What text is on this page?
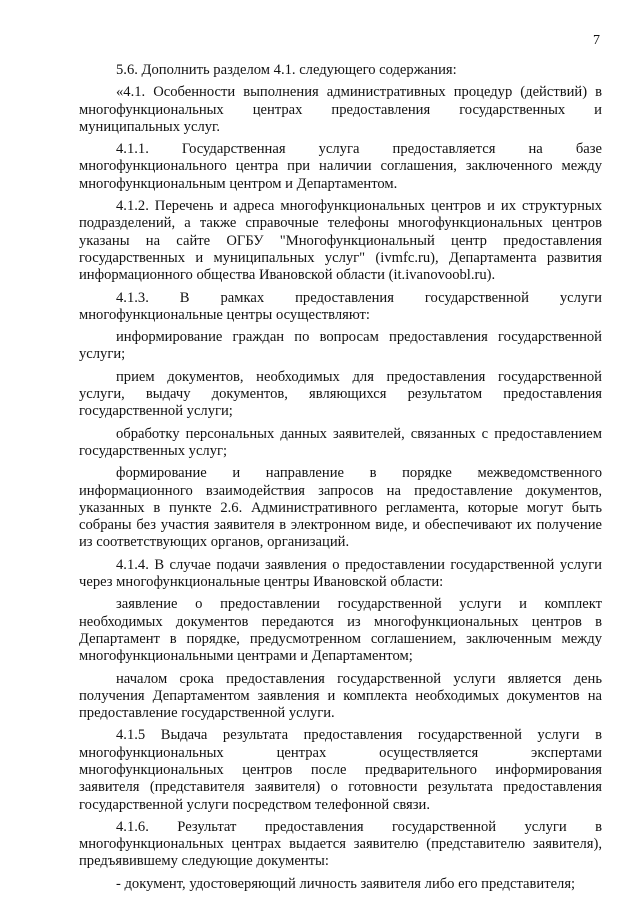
7

5.6. Дополнить разделом 4.1. следующего содержания:

«4.1. Особенности выполнения административных процедур (действий) в многофункциональных центрах предоставления государственных и муниципальных услуг.

4.1.1. Государственная услуга предоставляется на базе многофункционального центра при наличии соглашения, заключенного между многофункциональным центром и Департаментом.

4.1.2. Перечень и адреса многофункциональных центров и их структурных подразделений, а также справочные телефоны многофункциональных центров указаны на сайте ОГБУ "Многофункциональный центр предоставления государственных и муниципальных услуг" (ivmfc.ru), Департамента развития информационного общества Ивановской области (it.ivanovoobl.ru).

4.1.3. В рамках предоставления государственной услуги многофункциональные центры осуществляют:

информирование граждан по вопросам предоставления государственной услуги;

прием документов, необходимых для предоставления государственной услуги, выдачу документов, являющихся результатом предоставления государственной услуги;

обработку персональных данных заявителей, связанных с предоставлением государственных услуг;

формирование и направление в порядке межведомственного информационного взаимодействия запросов на предоставление документов, указанных в пункте 2.6. Административного регламента, которые могут быть собраны без участия заявителя в электронном виде, и обеспечивают их получение из соответствующих органов, организаций.

4.1.4. В случае подачи заявления о предоставлении государственной услуги через многофункциональные центры Ивановской области:

заявление о предоставлении государственной услуги и комплект необходимых документов передаются из многофункциональных центров в Департамент в порядке, предусмотренном соглашением, заключенным между многофункциональными центрами и Департаментом;

началом срока предоставления государственной услуги является день получения Департаментом заявления и комплекта необходимых документов на предоставление государственной услуги.

4.1.5 Выдача результата предоставления государственной услуги в многофункциональных центрах осуществляется экспертами многофункциональных центров после предварительного информирования заявителя (представителя заявителя) о готовности результата предоставления государственной услуги посредством телефонной связи.

4.1.6. Результат предоставления государственной услуги в многофункциональных центрах выдается заявителю (представителю заявителя), предъявившему следующие документы:

- документ, удостоверяющий личность заявителя либо его представителя;
